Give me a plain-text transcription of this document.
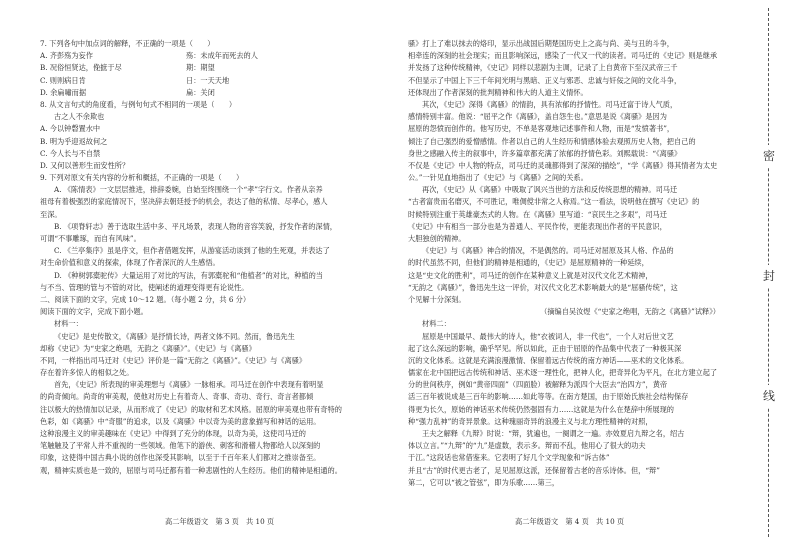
7. 下列各句中加点词的解释，不正确的一项是（　　）
A. 齐彭殇为妄作	殇：未成年而死去的人
B. 况俗恒贤达，俛摭于尽	期：期望
C. 则则病日肯	日：一天天地
D. 余扁嘯而据	扁：关闭
8. 从文言句式的角度看，与例句句式不相同的一项是（　　）
古之人不余欺也
A. 今以钟磬置水中
B. 明为乎迎返故何之
C. 今人长与不自禁
D. 又何以善形生而安性所？
9. 下列对原文有关内容的分析和概括，不正确的一项是（　　）
A. 《陈情表》一文层层推进，排辞委婉，自始至终围绕一个“孝”字行文。作者从亲养
祖母有着极强烈的家庭情况下，坚决辞去朝廷授予的机会，表达了他的私情、尽孝心，感人
至深。
B. 《项脊轩志》善于选取生活中多、平凡场景，表现人物的音容笑貌，抒发作者的深情，
可谓“不事雕琢，而自有风味”。
C. 《兰亭集序》虽是序文，但作者借题发挥，从游宴活动谈到了他的生死观，并表达了
对生命价值和意义的探索，体现了作者深沉的人生感悟。
D. 《种树郭橐驼传》大量运用了对比的写法，有郭橐驼和“他植者”的对比，种植的当
与不当、管理的管与不管的对比，使阐述的道理变得更有论说性。
二、阅读下面的文字，完成 10～12 题。（每小题 2 分，共 6 分）
阅读下面的文字，完成下面小题。
材料一：
《史记》是史传散文，《离骚》是抒情长诗，两者文体不同。然而，鲁迅先生
却称《史记》为“史家之绝唱，无韵之《离骚》”。《史记》与《离骚》
不同，一样指出司马迁对《史记》评价是一篇“无韵之《离骚》”。《史记》与《离骚》
存在着许多惊人的相似之处。
首先，《史记》所表现的审美理想与《离骚》一脉相承。司马迁在创作中表现有着明显
的尚奇倾向。尚奇的审美观，使他对历史上有着奇人、奇事、奇功、奇行、奇言者都倾
注以极大的热情加以记录，从而形成了《史记》的取材和艺术风格。屈原的审美观也带有奇特的
色彩，如《离骚》中“奇服”的追求，以及《离骚》中以奇为美的意象描写和神话的运用。
这种浪漫主义的审美趣味在《史记》中得到了充分的体现，以奇为美，这使司马迁的
笔触触及了平常人并不重视的一些领域。他笔下的游侠、刺客和滑稽人物都给人以深刻的
印象，这使得中国古典小说的创作也深受其影响，以至于千百年来人们都对之推崇备至。
观，精神实质也是一致的，屈原与司马迁都有着一种悲剧性的人生经历。他们的精神是相通的。
骚》打上了难以抹去的烙印，显示出战国后期楚国历史上之高与尚、美与丑的斗争，
相牵连的深刻的社会现实；而且影响深远，感染了一代又一代的读者。司马迁的《史记》则是继承
并发扬了这种传统精神，《史记》同样以悲剧为主调，记录了上自黄帝下至汉武帝三千
不但显示了中国上下三千年间光明与黑暗、正义与邪恶、忠诚与奸佞之间的文化斗争，
还体现出了作者深刻的批判精神和伟大的人道主义情怀。
其次，《史记》深得《离骚》的情韵，具有浓郁的抒情性。司马迁富于诗人气质，
感情特别丰富。他说：“屈平之作《离骚》，盖自怨生也。”意思是说《离骚》是因为
屈原的怨愤而创作的。他写历史，不单是客观地记述事件和人物，而是“发愤著书”，
倾注了自己强烈的爱憎感情。作者以自己的人生经历和情感体验去观照历史人物，把自己的
身世之感融入传主的叙事中，许多篇章都充满了浓郁的抒情色彩。刘熙载说：“《离骚》
不仅是《史记》中人物的特点，司马迁的灵魂都得到了深深的描绘”，“学《离骚》得其情者为太史
公。”一针见血地指出了《史记》与《离骚》之间的关系。
再次，《史记》从《离骚》中吸取了讽兴当世的方法和反传统思想的精神。司马迁
“古者富贵而名磨灭，不可胜记，唯倜傥非常之人称焉。”这一看法，说明他在撰写《史记》的
时候特别注重于英雄豪杰式的人物。在《离骚》里写道：“哀民生之多艰”，司马迁
《史记》中有相当一部分也是为普通人、平民作传，更能表现出作者的平民意识，
大胆独创的精神。
《史记》与《离骚》神合的情况，不是偶然的。司马迁对屈原及其人格、作品的
的时代虽然不同，但他们的精神是相通的，《史记》是屈原精神的一种延续，
这是“史文化的胜利”，司马迁的创作在某种意义上就是对汉代文化艺术精神，
“无韵之《离骚》”，鲁迅先生这一评价，对汉代文化艺术影响最大的是“屈骚传统”，这
个见解十分深刻。
（摘编自吴汝煜《“史家之绝唱，无韵之《离骚》”试释》）
材料二：
屈原是中国最早、最伟大的诗人，他“衣被词人，非一代也”，一个人对后世文艺
起了这么深远的影响，确乎罕见。所以如此，正由于屈原的作品集中代表了一种极其深
沉的文化体系。这就是充满浪漫激情、保留着远古传统的南方神话——巫术的文化体系。
儒家在北中国把远古传统和神话、巫术逐一理性化，把神人化，把奇异化为平凡，在北方建立起了
分的世间秩序，例如“黄帝四面”（四面脸）被解释为派四个大臣去“治四方”，黄帝
活三百年被说成是三百年的影响……如此等等。在南方楚国，由于原始氏族社会结构保存
得更为长久，原始的神话巫术传统仍然强固有力……这就是为什么在楚辞中所展现的
种“强力乱神”的奇异景象。这种瑰丽奇异的浪漫主义与北方理性精神的对照，
王夫之解释《九辩》时说：“辩，犹遍也，一阕谓之一遍。亦效夏启九辩之名，绍古
体以立言。”“九辩”的“九”是虚数，表示多。辩而不乱，他用心了很大的功夫
于江。”这段话也常借鉴来。它表明了好几个文学现象和“诉古体”
并且“古”的时代更古老了，足见屈原这派，还保留着古老的音乐诗体。但，“辩”
第二，它可以“被之管弦”，即为乐歌……第三，
高二年级语文　第 3 页　共 10 页	高二年级语文　第 4 页　共 10 页
密
封
线
